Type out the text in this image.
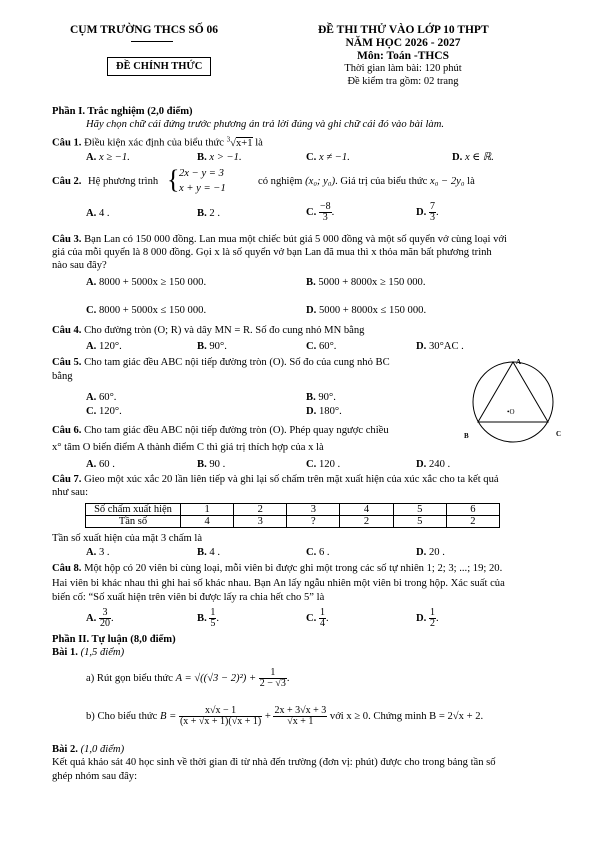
CỤM TRƯỜNG THCS SỐ 06
ĐỀ CHÍNH THỨC
ĐỀ THI THỬ VÀO LỚP 10 THPT
NĂM HỌC 2026 - 2027
Môn: Toán -THCS
Thời gian làm bài: 120 phút
Đề kiểm tra gồm: 02 trang
Phần I. Trắc nghiệm (2,0 điểm)
Hãy chọn chữ cái đứng trước phương án trả lời đúng và ghi chữ cái đó vào bài làm.
Câu 1. Điều kiện xác định của biểu thức $^3$√x+1 là
A. x ≥ −1.	B. x > −1.	C. x ≠ −1.	D. x ∈ ℝ.
Câu 2. Hệ phương trình { 2x − y = 3
x + y = −1
có nghiệm (x₀; y₀). Giá trị của biểu thức x₀ − 2y₀ là
A. 4 .	B. 2 .	C. $\frac{-8}{3}$ .	D. $\frac{7}{3}$ .
Câu 3. Bạn Lan có 150 000 đồng. Lan mua một chiếc bút giá 5 000 đồng và một số quyển vở cùng loại với
giá của mỗi quyển là 8 000 đồng. Gọi x là số quyển vở bạn Lan đã mua thì x thỏa mãn bất phương trình
nào sau đây?
A. 8000 + 5000x ≥ 150 000.	B. 5000 + 8000x ≥ 150 000.
C. 8000 + 5000x ≤ 150 000.	D. 5000 + 8000x ≤ 150 000.
Câu 4. Cho đường tròn (O; R) và dây MN = R. Số đo cung nhỏ MN bằng
A. 120°.	B. 90°.	C. 60°.	D. 30°AC .
Câu 5. Cho tam giác đều ABC nội tiếp đường tròn (O). Số đo của cung nhỏ BC
bằng
A. 60°.	B. 90°.
C. 120°.	D. 180°.
A
B	C
•O
Câu 6. Cho tam giác đều ABC nội tiếp đường tròn (O). Phép quay ngược chiều
x° tâm O biến điểm A thành điểm C thì giá trị thích hợp của x là
A. 60 .	B. 90 .	C. 120 .	D. 240 .
Câu 7. Gieo một xúc xắc 20 lần liên tiếp và ghi lại số chấm trên mặt xuất hiện của xúc xắc cho ta kết quả
như sau:
Số chấm xuất hiện	1	2	3	4	5	6
Tần số	4	3	?	2	5	2
Tần số xuất hiện của mặt 3 chấm là
A. 3 .	B. 4 .	C. 6 .	D. 20 .
Câu 8. Một hộp có 20 viên bi cùng loại, mỗi viên bi được ghi một trong các số tự nhiên 1; 2; 3; ...; 19; 20.
Hai viên bi khác nhau thì ghi hai số khác nhau. Bạn An lấy ngẫu nhiên một viên bi trong hộp. Xác suất của
biến cố: “Số xuất hiện trên viên bi được lấy ra chia hết cho 5” là
A. $\frac{3}{20}$ .	B. $\frac{1}{5}$ .	C. $\frac{1}{4}$ .	D. $\frac{1}{2}$ .
Phần II. Tự luận (8,0 điểm)
Bài 1. (1,5 điểm)
a) Rút gọn biểu thức $A = √((√3 - 2)^2) + \frac{1}{2 - √3}$ .
b) Cho biểu thức $B = \frac{x√x - 1}{(x + √x + 1)(√x + 1)} + \frac{2x + 3√x + 3}{√x + 1}$ với x ≥ 0. Chứng minh B = 2√x + 2.
Bài 2. (1,0 điểm)
Kết quả khảo sát 40 học sinh về thời gian đi từ nhà đến trường (đơn vị: phút) được cho trong bảng tần số
ghép nhóm sau đây:
